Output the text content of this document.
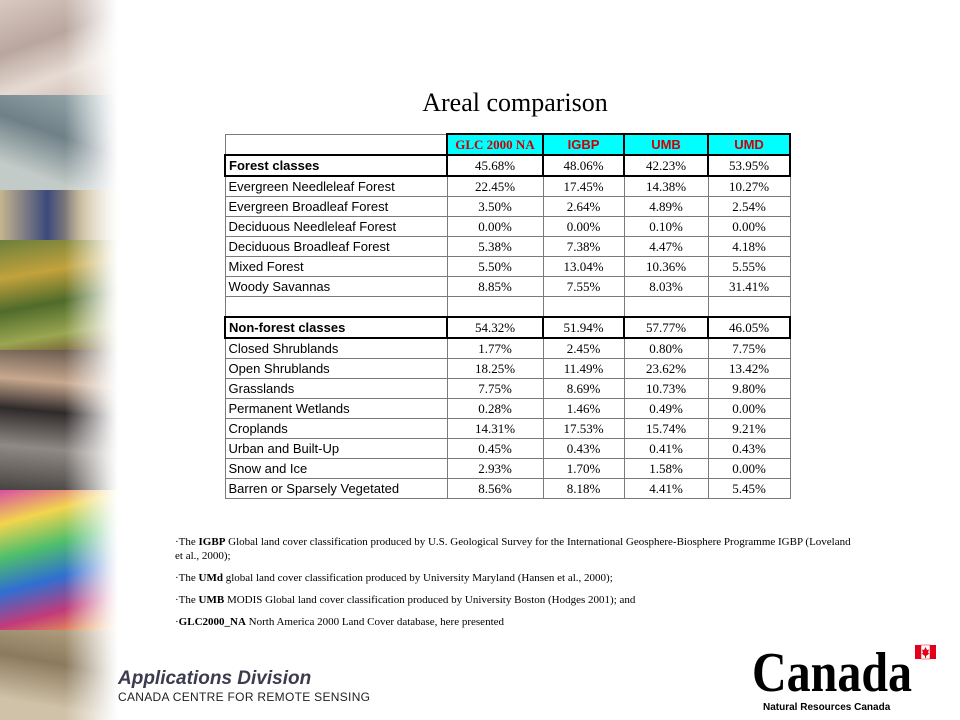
Areal comparison
	GLC 2000 NA	IGBP	UMB	UMD
Forest classes	45.68%	48.06%	42.23%	53.95%
Evergreen Needleleaf Forest	22.45%	17.45%	14.38%	10.27%
Evergreen Broadleaf Forest	3.50%	2.64%	4.89%	2.54%
Deciduous Needleleaf Forest	0.00%	0.00%	0.10%	0.00%
Deciduous Broadleaf Forest	5.38%	7.38%	4.47%	4.18%
Mixed Forest	5.50%	13.04%	10.36%	5.55%
Woody Savannas	8.85%	7.55%	8.03%	31.41%

Non-forest classes	54.32%	51.94%	57.77%	46.05%
Closed Shrublands	1.77%	2.45%	0.80%	7.75%
Open Shrublands	18.25%	11.49%	23.62%	13.42%
Grasslands	7.75%	8.69%	10.73%	9.80%
Permanent Wetlands	0.28%	1.46%	0.49%	0.00%
Croplands	14.31%	17.53%	15.74%	9.21%
Urban and Built-Up	0.45%	0.43%	0.41%	0.43%
Snow and Ice	2.93%	1.70%	1.58%	0.00%
Barren or Sparsely Vegetated	8.56%	8.18%	4.41%	5.45%

·The IGBP Global land cover classification produced by U.S. Geological Survey for the International Geosphere-Biosphere Programme IGBP (Loveland et al., 2000);

·The UMd global land cover classification produced by University Maryland (Hansen et al., 2000);

·The UMB MODIS Global land cover classification produced by University Boston (Hodges 2001); and

·GLC2000_NA North America 2000 Land Cover database, here presented

Applications Division
CANADA CENTRE FOR REMOTE SENSING	Canada
Natural Resources Canada
